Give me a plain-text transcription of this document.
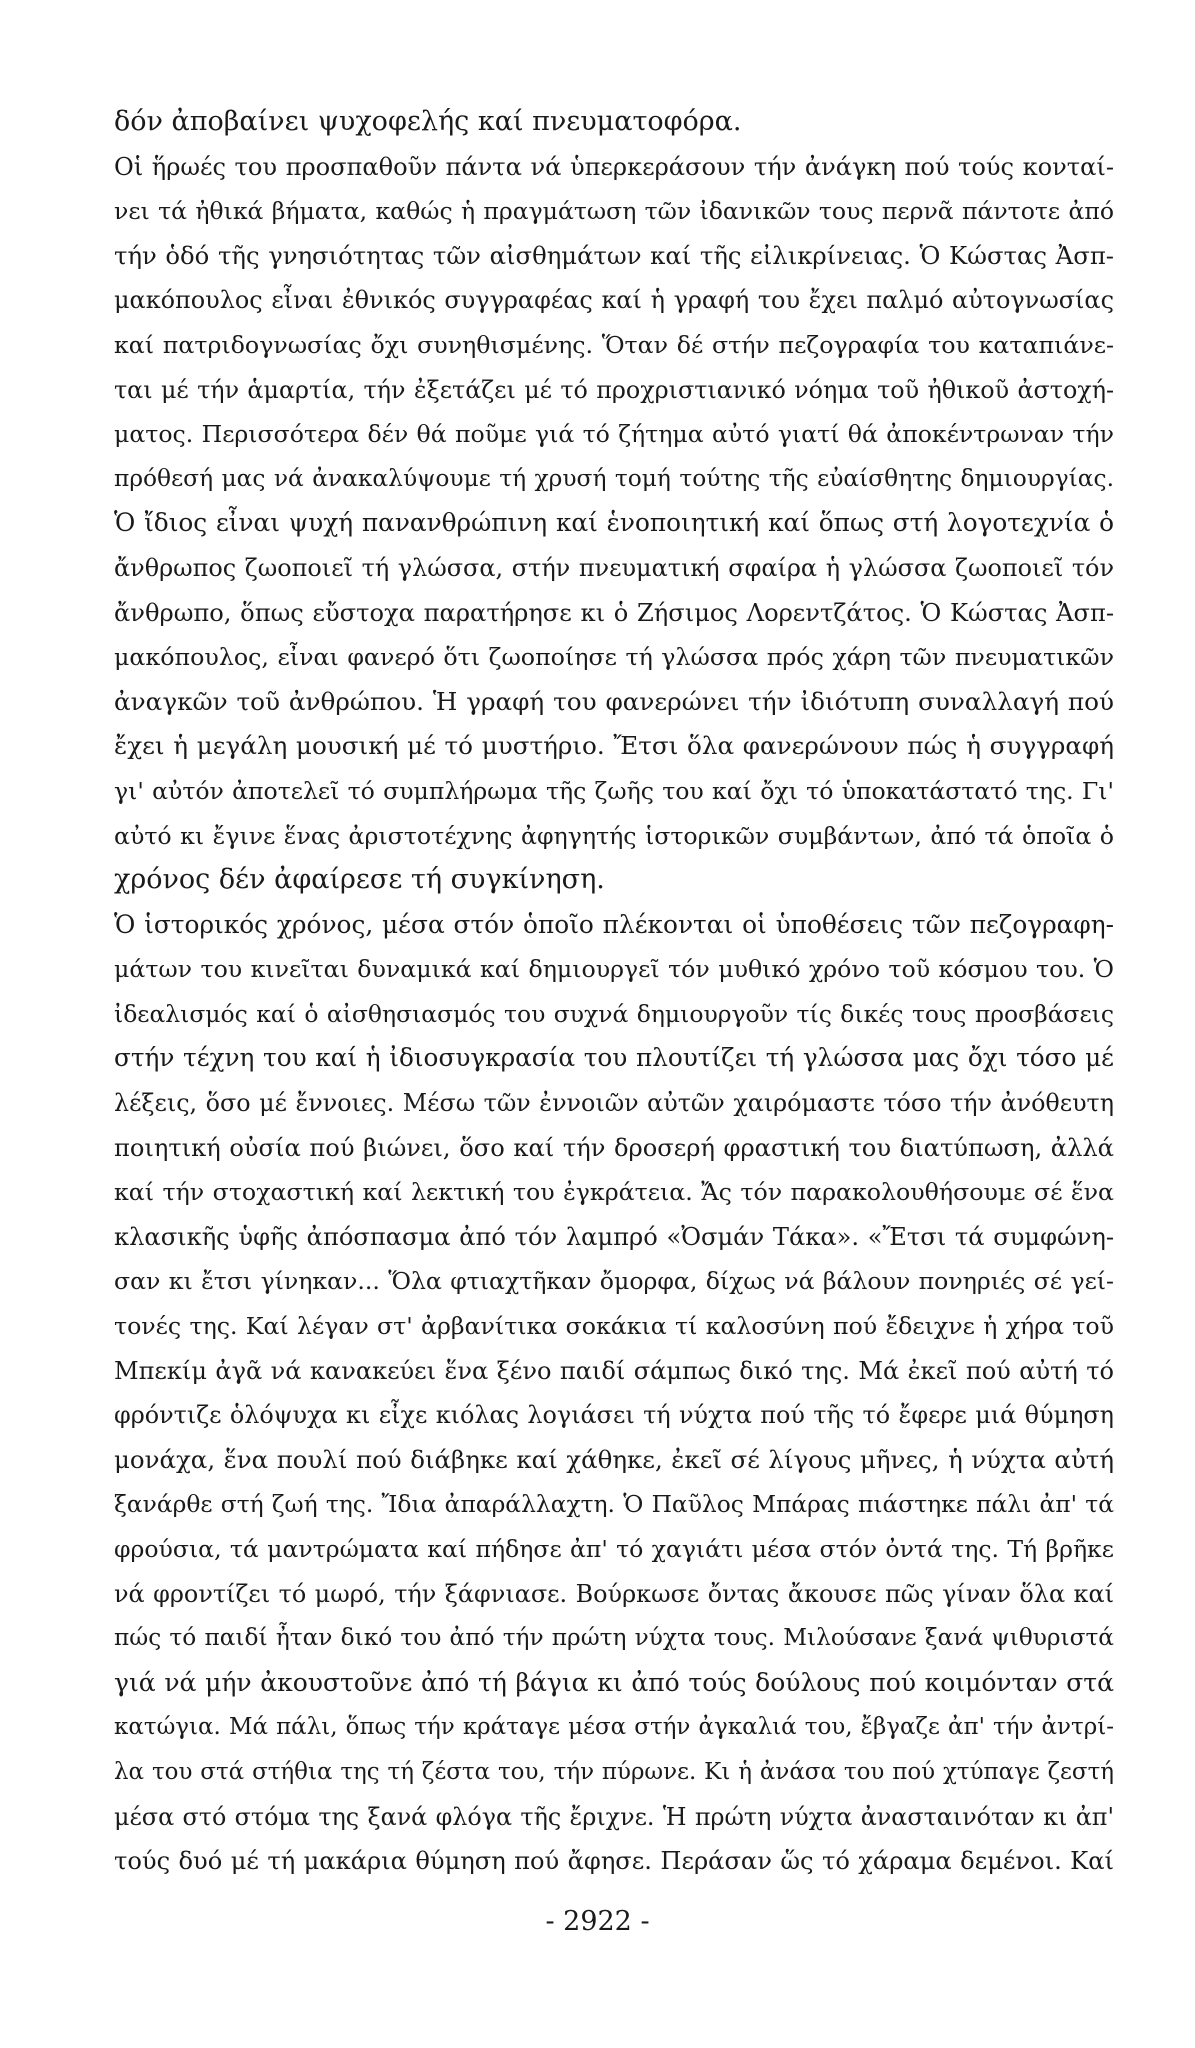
δόν ἀποβαίνει ψυχοφελής καί πνευματοφόρα.
Οἱ ἥρωές του προσπαθοῦν πάντα νά ὑπερκεράσουν τήν ἀνάγκη πού τούς κονταί-
νει τά ἠθικά βήματα, καθώς ἡ πραγμάτωση τῶν ἰδανικῶν τους περνᾶ πάντοτε ἀπό
τήν ὁδό τῆς γνησιότητας τῶν αἰσθημάτων καί τῆς εἰλικρίνειας. Ὁ Κώστας Ἀσπ-
μακόπουλος εἶναι ἐθνικός συγγραφέας καί ἡ γραφή του ἔχει παλμό αὐτογνωσίας
καί πατριδογνωσίας ὄχι συνηθισμένης. Ὅταν δέ στήν πεζογραφία του καταπιάνε-
ται μέ τήν ἁμαρτία, τήν ἐξετάζει μέ τό προχριστιανικό νόημα τοῦ ἠθικοῦ ἀστοχή-
ματος. Περισσότερα δέν θά ποῦμε γιά τό ζήτημα αὐτό γιατί θά ἀποκέντρωναν τήν
πρόθεσή μας νά ἀνακαλύψουμε τή χρυσή τομή τούτης τῆς εὐαίσθητης δημιουργίας.
Ὁ ἴδιος εἶναι ψυχή πανανθρώπινη καί ἑνοποιητική καί ὅπως στή λογοτεχνία ὁ
ἄνθρωπος ζωοποιεῖ τή γλώσσα, στήν πνευματική σφαίρα ἡ γλώσσα ζωοποιεῖ τόν
ἄνθρωπο, ὅπως εὔστοχα παρατήρησε κι ὁ Ζήσιμος Λορεντζάτος. Ὁ Κώστας Ἀσπ-
μακόπουλος, εἶναι φανερό ὅτι ζωοποίησε τή γλώσσα πρός χάρη τῶν πνευματικῶν
ἀναγκῶν τοῦ ἀνθρώπου. Ἡ γραφή του φανερώνει τήν ἰδιότυπη συναλλαγή πού
ἔχει ἡ μεγάλη μουσική μέ τό μυστήριο. Ἔτσι ὅλα φανερώνουν πώς ἡ συγγραφή
γι' αὐτόν ἀποτελεῖ τό συμπλήρωμα τῆς ζωῆς του καί ὄχι τό ὑποκατάστατό της. Γι'
αὐτό κι ἔγινε ἕνας ἀριστοτέχνης ἀφηγητής ἱστορικῶν συμβάντων, ἀπό τά ὁποῖα ὁ
χρόνος δέν ἀφαίρεσε τή συγκίνηση.
Ὁ ἱστορικός χρόνος, μέσα στόν ὁποῖο πλέκονται οἱ ὑποθέσεις τῶν πεζογραφη-
μάτων του κινεῖται δυναμικά καί δημιουργεῖ τόν μυθικό χρόνο τοῦ κόσμου του. Ὁ
ἰδεαλισμός καί ὁ αἰσθησιασμός του συχνά δημιουργοῦν τίς δικές τους προσβάσεις
στήν τέχνη του καί ἡ ἰδιοσυγκρασία του πλουτίζει τή γλώσσα μας ὄχι τόσο μέ
λέξεις, ὅσο μέ ἔννοιες. Μέσω τῶν ἐννοιῶν αὐτῶν χαιρόμαστε τόσο τήν ἀνόθευτη
ποιητική οὐσία πού βιώνει, ὅσο καί τήν δροσερή φραστική του διατύπωση, ἀλλά
καί τήν στοχαστική καί λεκτική του ἐγκράτεια. Ἄς τόν παρακολουθήσουμε σέ ἕνα
κλασικῆς ὑφῆς ἀπόσπασμα ἀπό τόν λαμπρό «Ὀσμάν Τάκα». «Ἔτσι τά συμφώνη-
σαν κι ἔτσι γίνηκαν... Ὅλα φτιαχτῆκαν ὄμορφα, δίχως νά βάλουν πονηριές σέ γεί-
τονές της. Καί λέγαν στ' ἀρβανίτικα σοκάκια τί καλοσύνη πού ἔδειχνε ἡ χήρα τοῦ
Μπεκίμ ἀγᾶ νά κανακεύει ἕνα ξένο παιδί σάμπως δικό της. Μά ἐκεῖ πού αὐτή τό
φρόντιζε ὁλόψυχα κι εἶχε κιόλας λογιάσει τή νύχτα πού τῆς τό ἔφερε μιά θύμηση
μονάχα, ἕνα πουλί πού διάβηκε καί χάθηκε, ἐκεῖ σέ λίγους μῆνες, ἡ νύχτα αὐτή
ξανάρθε στή ζωή της. Ἴδια ἀπαράλλαχτη. Ὁ Παῦλος Μπάρας πιάστηκε πάλι ἀπ' τά
φρούσια, τά μαντρώματα καί πήδησε ἀπ' τό χαγιάτι μέσα στόν ὀντά της. Τή βρῆκε
νά φροντίζει τό μωρό, τήν ξάφνιασε. Βούρκωσε ὄντας ἄκουσε πῶς γίναν ὅλα καί
πώς τό παιδί ἦταν δικό του ἀπό τήν πρώτη νύχτα τους. Μιλούσανε ξανά ψιθυριστά
γιά νά μήν ἀκουστοῦνε ἀπό τή βάγια κι ἀπό τούς δούλους πού κοιμόνταν στά
κατώγια. Μά πάλι, ὅπως τήν κράταγε μέσα στήν ἀγκαλιά του, ἔβγαζε ἀπ' τήν ἀντρί-
λα του στά στήθια της τή ζέστα του, τήν πύρωνε. Κι ἡ ἀνάσα του πού χτύπαγε ζεστή
μέσα στό στόμα της ξανά φλόγα τῆς ἔριχνε. Ἡ πρώτη νύχτα ἀνασταινόταν κι ἀπ'
τούς δυό μέ τή μακάρια θύμηση πού ἄφησε. Περάσαν ὥς τό χάραμα δεμένοι. Καί
- 2922 -
